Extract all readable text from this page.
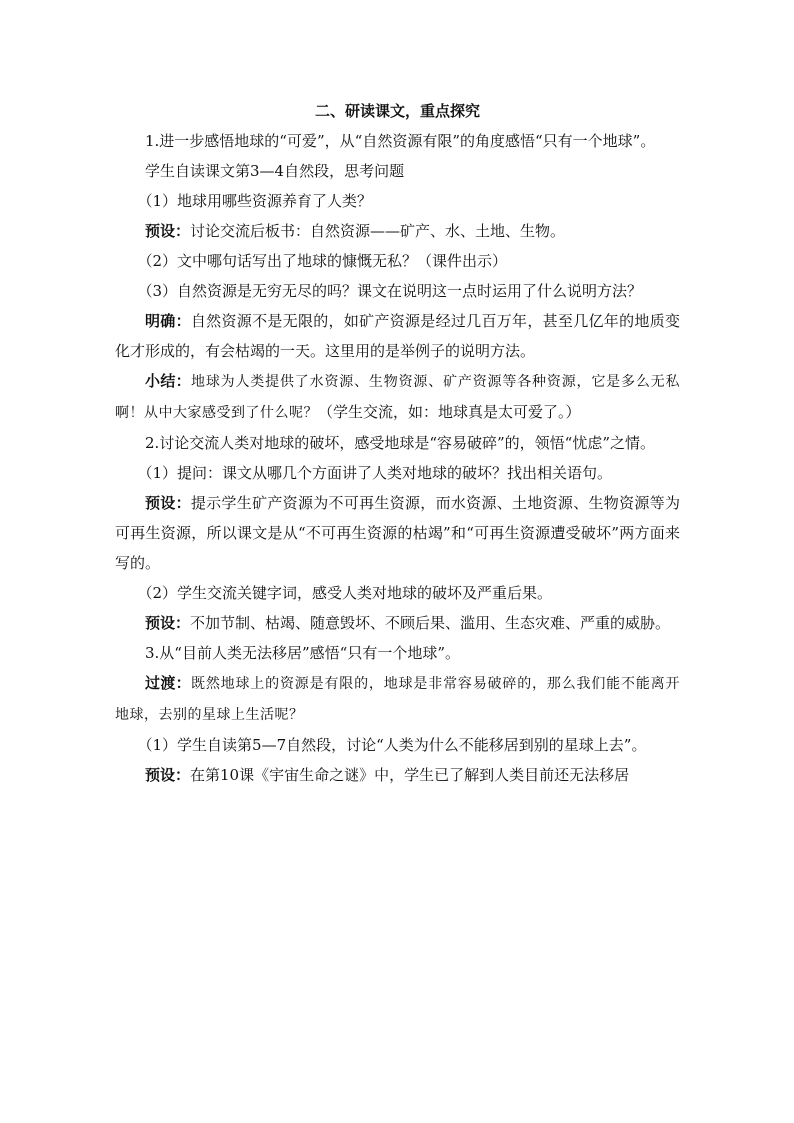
二、研读课文，重点探究

1.进一步感悟地球的“可爱”，从“自然资源有限”的角度感悟“只有一个地球”。

学生自读课文第3—4自然段，思考问题

（1）地球用哪些资源养育了人类？

预设：讨论交流后板书：自然资源——矿产、水、土地、生物。

（2）文中哪句话写出了地球的慷慨无私？（课件出示）

（3）自然资源是无穷无尽的吗？课文在说明这一点时运用了什么说明方法？

明确：自然资源不是无限的，如矿产资源是经过几百万年，甚至几亿年的地质变化才形成的，有会枯竭的一天。这里用的是举例子的说明方法。

小结：地球为人类提供了水资源、生物资源、矿产资源等各种资源，它是多么无私啊！从中大家感受到了什么呢？（学生交流，如：地球真是太可爱了。）

2.讨论交流人类对地球的破坏，感受地球是“容易破碎”的，领悟“忧虑”之情。

（1）提问：课文从哪几个方面讲了人类对地球的破坏？找出相关语句。

预设：提示学生矿产资源为不可再生资源，而水资源、土地资源、生物资源等为可再生资源，所以课文是从“不可再生资源的枯竭”和“可再生资源遭受破坏”两方面来写的。

（2）学生交流关键字词，感受人类对地球的破坏及严重后果。

预设：不加节制、枯竭、随意毁坏、不顾后果、滥用、生态灾难、严重的威胁。

3.从“目前人类无法移居”感悟“只有一个地球”。

过渡：既然地球上的资源是有限的，地球是非常容易破碎的，那么我们能不能离开地球，去别的星球上生活呢？

（1）学生自读第5—7自然段，讨论“人类为什么不能移居到别的星球上去”。

预设：在第10课《宇宙生命之谜》中，学生已了解到人类目前还无法移居
